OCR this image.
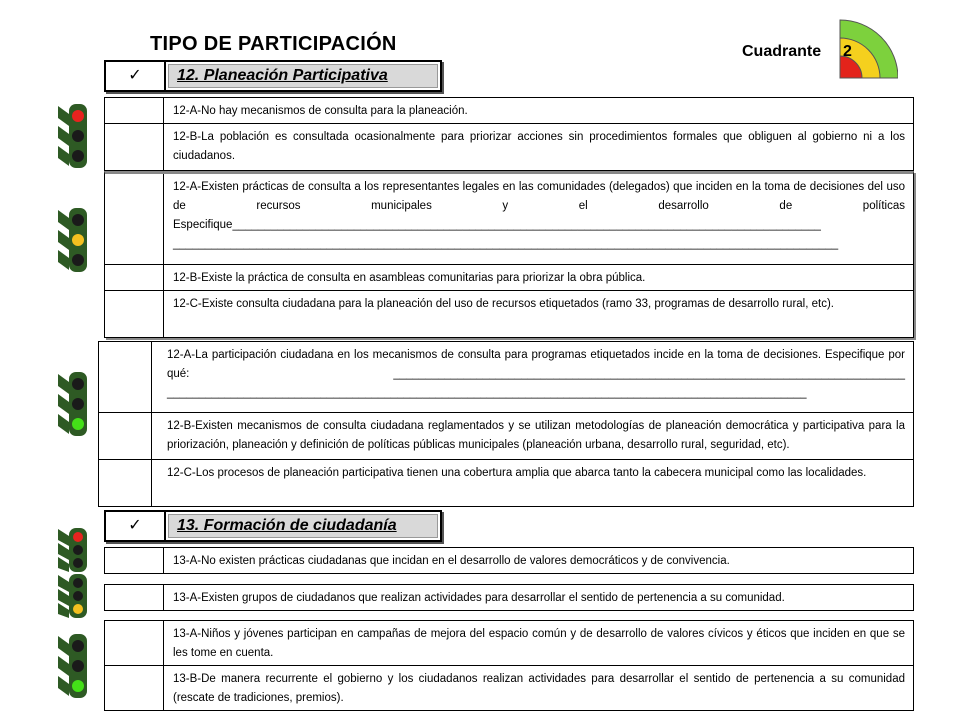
TIPO DE PARTICIPACIÓN	Cuadrante 2
✓	12. Planeación Participativa
12-A-No hay mecanismos de consulta para la planeación.
12-B-La población es consultada ocasionalmente para priorizar acciones sin procedimientos formales que obliguen al gobierno ni a los ciudadanos.
12-A-Existen prácticas de consulta a los representantes legales en las comunidades (delegados) que inciden en la toma de decisiones del uso de recursos municipales y el desarrollo de políticas Especifique____________________________________________________________________________________________ ________________________________________________________________________________________________________
12-B-Existe la práctica de consulta en asambleas comunitarias para priorizar la obra pública.
12-C-Existe consulta ciudadana para la planeación del uso de recursos etiquetados (ramo 33, programas de desarrollo rural, etc).
12-A-La participación ciudadana en los mecanismos de consulta para programas etiquetados incide en la toma de decisiones. Especifique por qué: ________________________________________________________________________________ ____________________________________________________________________________________________________
12-B-Existen mecanismos de consulta ciudadana reglamentados y se utilizan metodologías de planeación democrática y participativa para la priorización, planeación y definición de políticas públicas municipales (planeación urbana, desarrollo rural, seguridad, etc).
12-C-Los procesos de planeación participativa tienen una cobertura amplia que abarca tanto la cabecera municipal como las localidades.
✓	13. Formación de ciudadanía
13-A-No existen prácticas ciudadanas que incidan en el desarrollo de valores democráticos y de convivencia.
13-A-Existen grupos de ciudadanos que realizan actividades para desarrollar el sentido de pertenencia a su comunidad.
13-A-Niños y jóvenes participan en campañas de mejora del espacio común y de desarrollo de valores cívicos y éticos que inciden en que se les tome en cuenta.
13-B-De manera recurrente el gobierno y los ciudadanos realizan actividades para desarrollar el sentido de pertenencia a su comunidad (rescate de tradiciones, premios).
